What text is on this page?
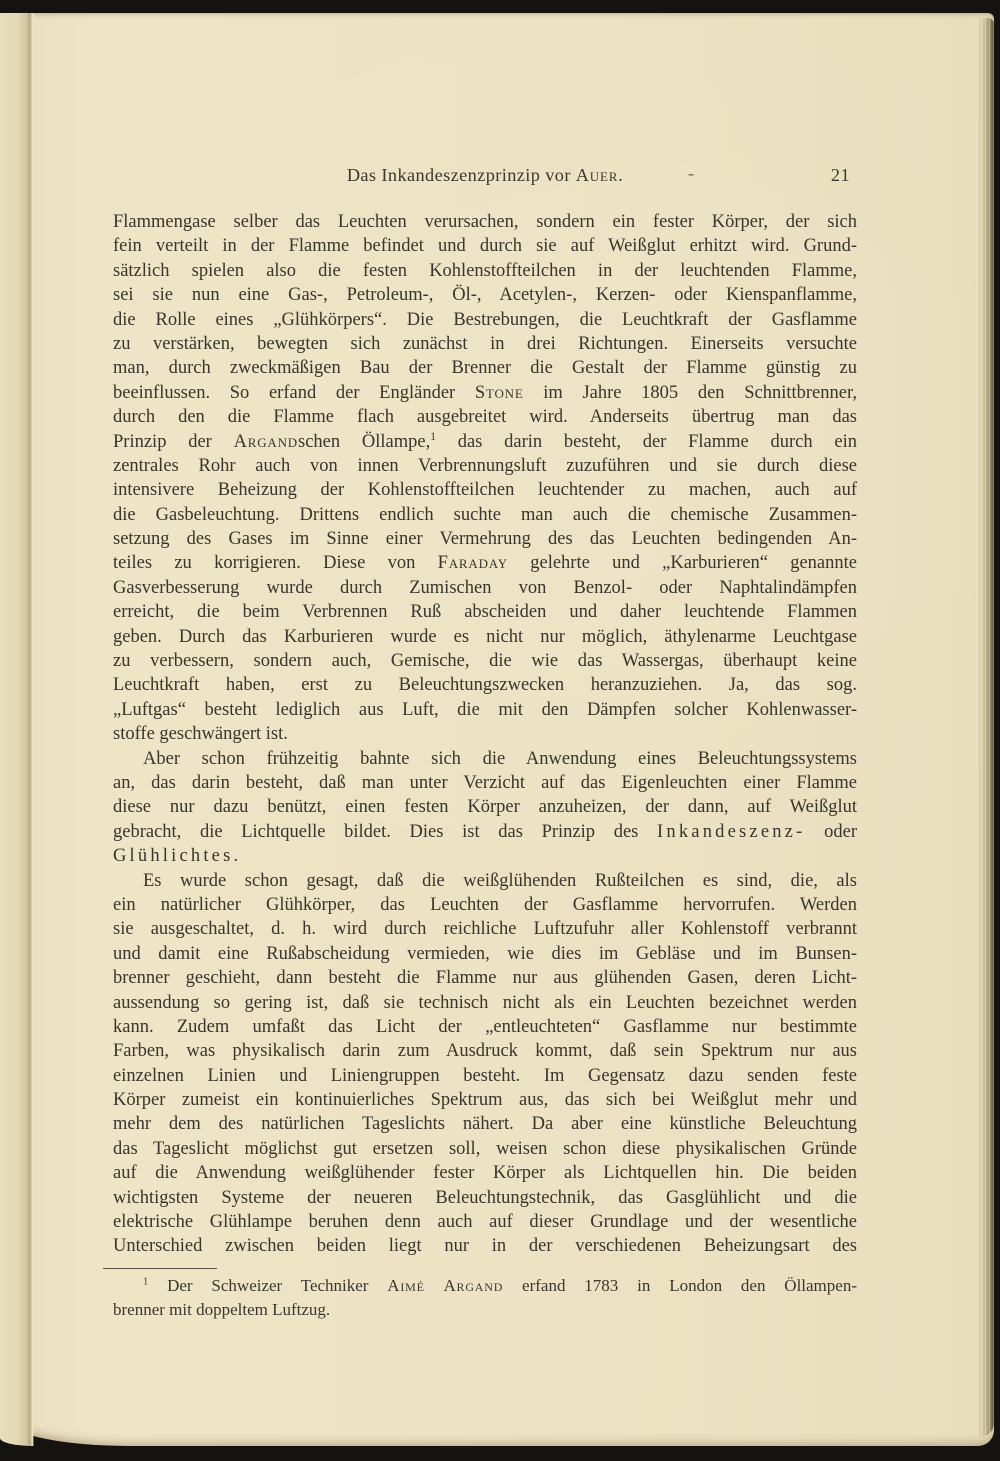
Das Inkandeszenzprinzip vor Auer.	-	21
Flammengase selber das Leuchten verursachen, sondern ein fester Körper, der sich
fein verteilt in der Flamme befindet und durch sie auf Weißglut erhitzt wird. Grund-
sätzlich spielen also die festen Kohlenstoffteilchen in der leuchtenden Flamme,
sei sie nun eine Gas-, Petroleum-, Öl-, Acetylen-, Kerzen- oder Kienspanflamme,
die Rolle eines „Glühkörpers“. Die Bestrebungen, die Leuchtkraft der Gasflamme
zu verstärken, bewegten sich zunächst in drei Richtungen. Einerseits versuchte
man, durch zweckmäßigen Bau der Brenner die Gestalt der Flamme günstig zu
beeinflussen. So erfand der Engländer Stone im Jahre 1805 den Schnittbrenner,
durch den die Flamme flach ausgebreitet wird. Anderseits übertrug man das
Prinzip der Argandschen Öllampe,$^1$ das darin besteht, der Flamme durch ein
zentrales Rohr auch von innen Verbrennungsluft zuzuführen und sie durch diese
intensivere Beheizung der Kohlenstoffteilchen leuchtender zu machen, auch auf
die Gasbeleuchtung. Drittens endlich suchte man auch die chemische Zusammen-
setzung des Gases im Sinne einer Vermehrung des das Leuchten bedingenden An-
teiles zu korrigieren. Diese von Faraday gelehrte und „Karburieren“ genannte
Gasverbesserung wurde durch Zumischen von Benzol- oder Naphtalindämpfen
erreicht, die beim Verbrennen Ruß abscheiden und daher leuchtende Flammen
geben. Durch das Karburieren wurde es nicht nur möglich, äthylenarme Leuchtgase
zu verbessern, sondern auch, Gemische, die wie das Wassergas, überhaupt keine
Leuchtkraft haben, erst zu Beleuchtungszwecken heranzuziehen. Ja, das sog.
„Luftgas“ besteht lediglich aus Luft, die mit den Dämpfen solcher Kohlenwasser-
stoffe geschwängert ist.
Aber schon frühzeitig bahnte sich die Anwendung eines Beleuchtungssystems
an, das darin besteht, daß man unter Verzicht auf das Eigenleuchten einer Flamme
diese nur dazu benützt, einen festen Körper anzuheizen, der dann, auf Weißglut
gebracht, die Lichtquelle bildet. Dies ist das Prinzip des Inkandeszenz- oder
Glühlichtes.
Es wurde schon gesagt, daß die weißglühenden Rußteilchen es sind, die, als
ein natürlicher Glühkörper, das Leuchten der Gasflamme hervorrufen. Werden
sie ausgeschaltet, d. h. wird durch reichliche Luftzufuhr aller Kohlenstoff verbrannt
und damit eine Rußabscheidung vermieden, wie dies im Gebläse und im Bunsen-
brenner geschieht, dann besteht die Flamme nur aus glühenden Gasen, deren Licht-
aussendung so gering ist, daß sie technisch nicht als ein Leuchten bezeichnet werden
kann. Zudem umfaßt das Licht der „entleuchteten“ Gasflamme nur bestimmte
Farben, was physikalisch darin zum Ausdruck kommt, daß sein Spektrum nur aus
einzelnen Linien und Liniengruppen besteht. Im Gegensatz dazu senden feste
Körper zumeist ein kontinuierliches Spektrum aus, das sich bei Weißglut mehr und
mehr dem des natürlichen Tageslichts nähert. Da aber eine künstliche Beleuchtung
das Tageslicht möglichst gut ersetzen soll, weisen schon diese physikalischen Gründe
auf die Anwendung weißglühender fester Körper als Lichtquellen hin. Die beiden
wichtigsten Systeme der neueren Beleuchtungstechnik, das Gasglühlicht und die
elektrische Glühlampe beruhen denn auch auf dieser Grundlage und der wesentliche
Unterschied zwischen beiden liegt nur in der verschiedenen Beheizungsart des
$^1$ Der Schweizer Techniker Aimé Argand erfand 1783 in London den Öllampen-
brenner mit doppeltem Luftzug.
